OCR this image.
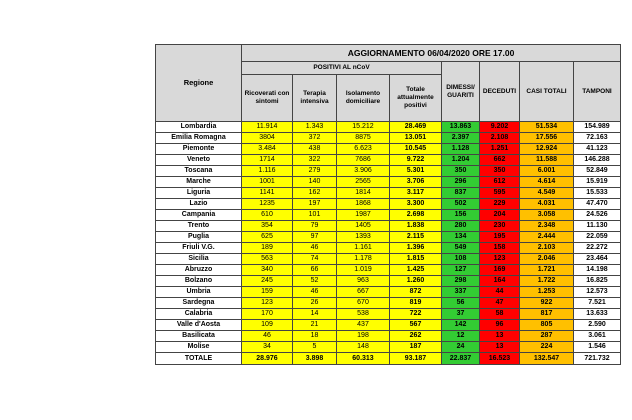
Regione	AGGIORNAMENTO 06/04/2020 ORE 17.00							
	POSITIVI AL nCoV				DIMESSI/ GUARITI	DECEDUTI	CASI TOTALI	TAMPONI
	Ricoverati con sintomi	Terapia intensiva	Isolamento domiciliare	Totale attualmente positivi				
Lombardia	11.914	1.343	15.212	28.469	13.863	9.202	51.534	154.989
Emilia Romagna	3804	372	8875	13.051	2.397	2.108	17.556	72.163
Piemonte	3.484	438	6.623	10.545	1.128	1.251	12.924	41.123
Veneto	1714	322	7686	9.722	1.204	662	11.588	146.288
Toscana	1.116	279	3.906	5.301	350	350	6.001	52.849
Marche	1001	140	2565	3.706	296	612	4.614	15.919
Liguria	1141	162	1814	3.117	837	595	4.549	15.533
Lazio	1235	197	1868	3.300	502	229	4.031	47.470
Campania	610	101	1987	2.698	156	204	3.058	24.526
Trento	354	79	1405	1.838	280	230	2.348	11.130
Puglia	625	97	1393	2.115	134	195	2.444	22.059
Friuli V.G.	189	46	1.161	1.396	549	158	2.103	22.272
Sicilia	563	74	1.178	1.815	108	123	2.046	23.464
Abruzzo	340	66	1.019	1.425	127	169	1.721	14.198
Bolzano	245	52	963	1.260	298	164	1.722	16.825
Umbria	159	46	667	872	337	44	1.253	12.573
Sardegna	123	26	670	819	56	47	922	7.521
Calabria	170	14	538	722	37	58	817	13.633
Valle d'Aosta	109	21	437	567	142	96	805	2.590
Basilicata	46	18	198	262	12	13	287	3.061
Molise	34	5	148	187	24	13	224	1.546
TOTALE	28.976	3.898	60.313	93.187	22.837	16.523	132.547	721.732
